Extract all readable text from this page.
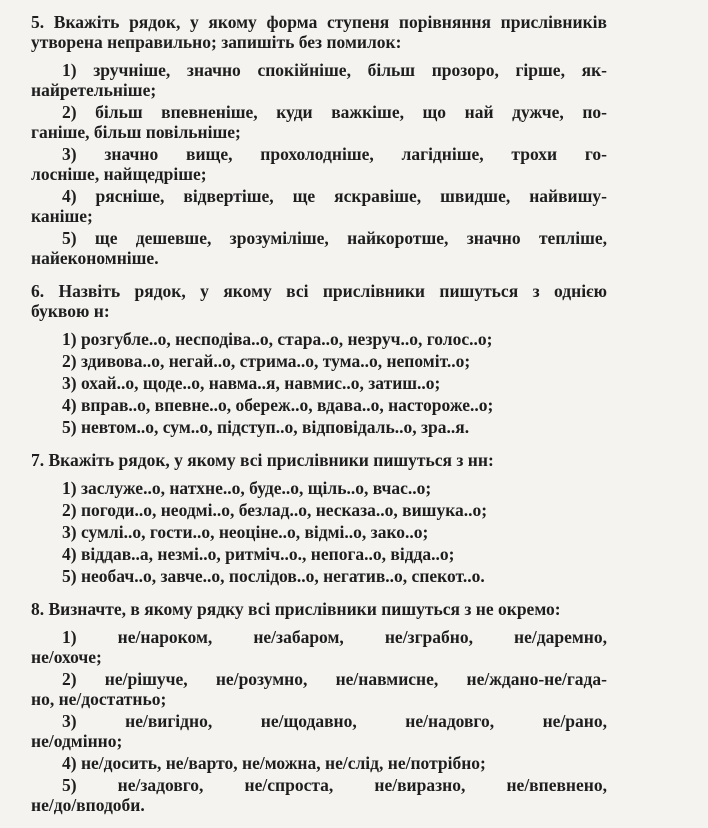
5. Вкажіть рядок, у якому форма ступеня порівняння прислівників
утворена неправильно; запишіть без помилок:
1) зручніше, значно спокійніше, більш прозоро, гірше, як-
найретельніше;
2) більш впевненіше, куди важкіше, що най дужче, по-
ганіше, більш повільніше;
3) значно вище, прохолодніше, лагідніше, трохи го-
лосніше, найщедріше;
4) рясніше, відвертіше, ще яскравіше, швидше, найвишу-
каніше;
5) ще дешевше, зрозуміліше, найкоротше, значно тепліше,
найекономніше.
6. Назвіть рядок, у якому всі прислівники пишуться з однією
буквою н:
1) розгубле..о, несподіва..о, стара..о, незруч..о, голос..о;
2) здивова..о, негай..о, стрима..о, тума..о, непоміт..о;
3) охай..о, щоде..о, навма..я, навмис..о, затиш..о;
4) вправ..о, впевне..о, обереж..о, вдава..о, настороже..о;
5) невтом..о, сум..о, підступ..о, відповідаль..о, зра..я.
7. Вкажіть рядок, у якому всі прислівники пишуться з нн:
1) заслуже..о, натхне..о, буде..о, щіль..о, вчас..о;
2) погоди..о, неодмі..о, безлад..о, несказа..о, вишука..о;
3) сумлі..о, гости..о, неоціне..о, відмі..о, зако..о;
4) віддав..а, незмі..о, ритміч..о., непога..о, відда..о;
5) необач..о, завче..о, послідов..о, негатив..о, спекот..о.
8. Визначте, в якому рядку всі прислівники пишуться з не окремо:
1) не/нароком, не/забаром, не/зграбно, не/даремно,
не/охоче;
2) не/рішуче, не/розумно, не/навмисне, не/ждано-не/гада-
но, не/достатньо;
3) не/вигідно, не/щодавно, не/надовго, не/рано,
не/одмінно;
4) не/досить, не/варто, не/можна, не/слід, не/потрібно;
5) не/задовго, не/спроста, не/виразно, не/впевнено,
не/до/вподоби.
